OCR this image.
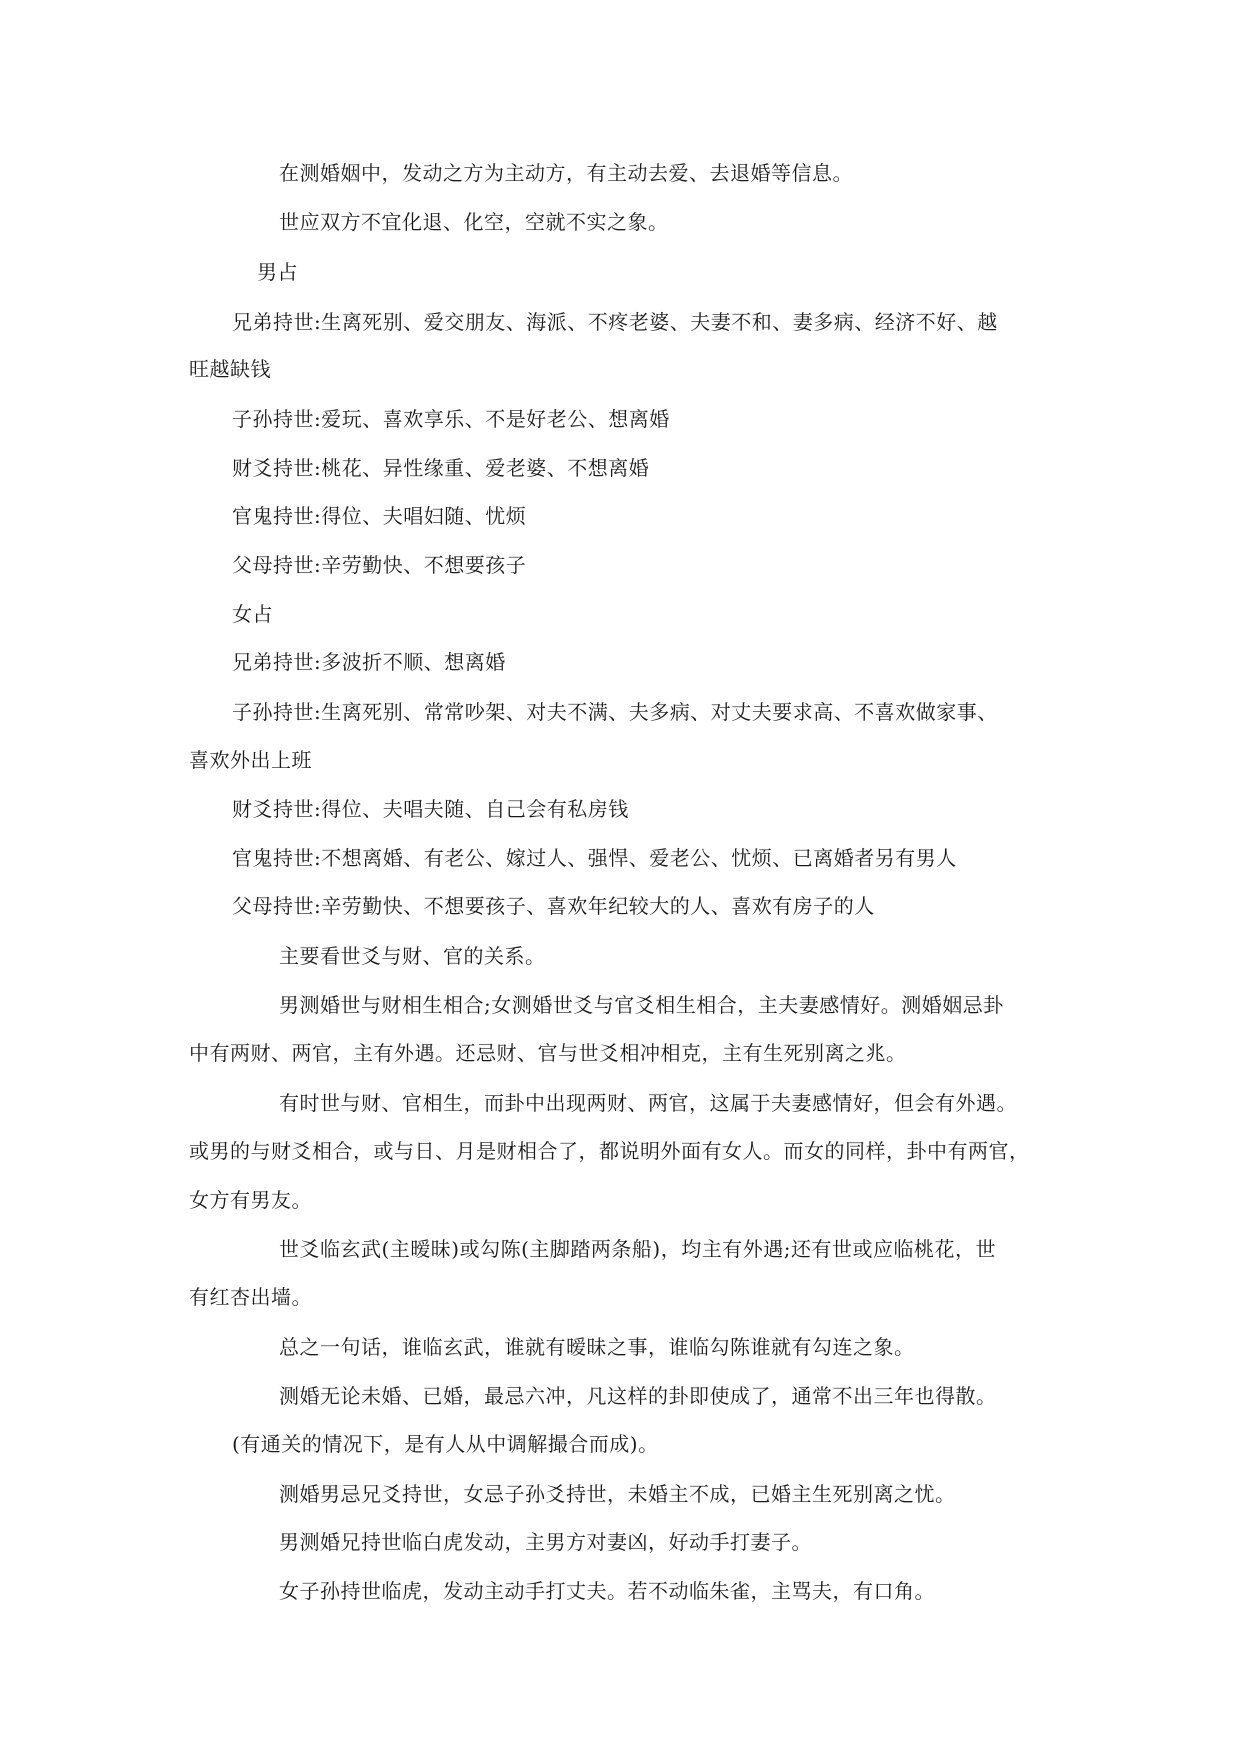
在测婚姻中，发动之方为主动方，有主动去爱、去退婚等信息。
世应双方不宜化退、化空，空就不实之象。
男占
兄弟持世:生离死别、爱交朋友、海派、不疼老婆、夫妻不和、妻多病、经济不好、越
旺越缺钱
子孙持世:爱玩、喜欢享乐、不是好老公、想离婚
财爻持世:桃花、异性缘重、爱老婆、不想离婚
官鬼持世:得位、夫唱妇随、忧烦
父母持世:辛劳勤快、不想要孩子
女占
兄弟持世:多波折不顺、想离婚
子孙持世:生离死别、常常吵架、对夫不满、夫多病、对丈夫要求高、不喜欢做家事、
喜欢外出上班
财爻持世:得位、夫唱夫随、自己会有私房钱
官鬼持世:不想离婚、有老公、嫁过人、强悍、爱老公、忧烦、已离婚者另有男人
父母持世:辛劳勤快、不想要孩子、喜欢年纪较大的人、喜欢有房子的人
主要看世爻与财、官的关系。
男测婚世与财相生相合;女测婚世爻与官爻相生相合，主夫妻感情好。测婚姻忌卦
中有两财、两官，主有外遇。还忌财、官与世爻相冲相克，主有生死别离之兆。
有时世与财、官相生，而卦中出现两财、两官，这属于夫妻感情好，但会有外遇。
或男的与财爻相合，或与日、月是财相合了，都说明外面有女人。而女的同样，卦中有两官，
女方有男友。
世爻临玄武(主暧昧)或勾陈(主脚踏两条船)，均主有外遇;还有世或应临桃花，世
有红杏出墙。
总之一句话，谁临玄武，谁就有暧昧之事，谁临勾陈谁就有勾连之象。
测婚无论未婚、已婚，最忌六冲，凡这样的卦即使成了，通常不出三年也得散。
(有通关的情况下，是有人从中调解撮合而成)。
测婚男忌兄爻持世，女忌子孙爻持世，未婚主不成，已婚主生死别离之忧。
男测婚兄持世临白虎发动，主男方对妻凶，好动手打妻子。
女子孙持世临虎，发动主动手打丈夫。若不动临朱雀，主骂夫，有口角。
